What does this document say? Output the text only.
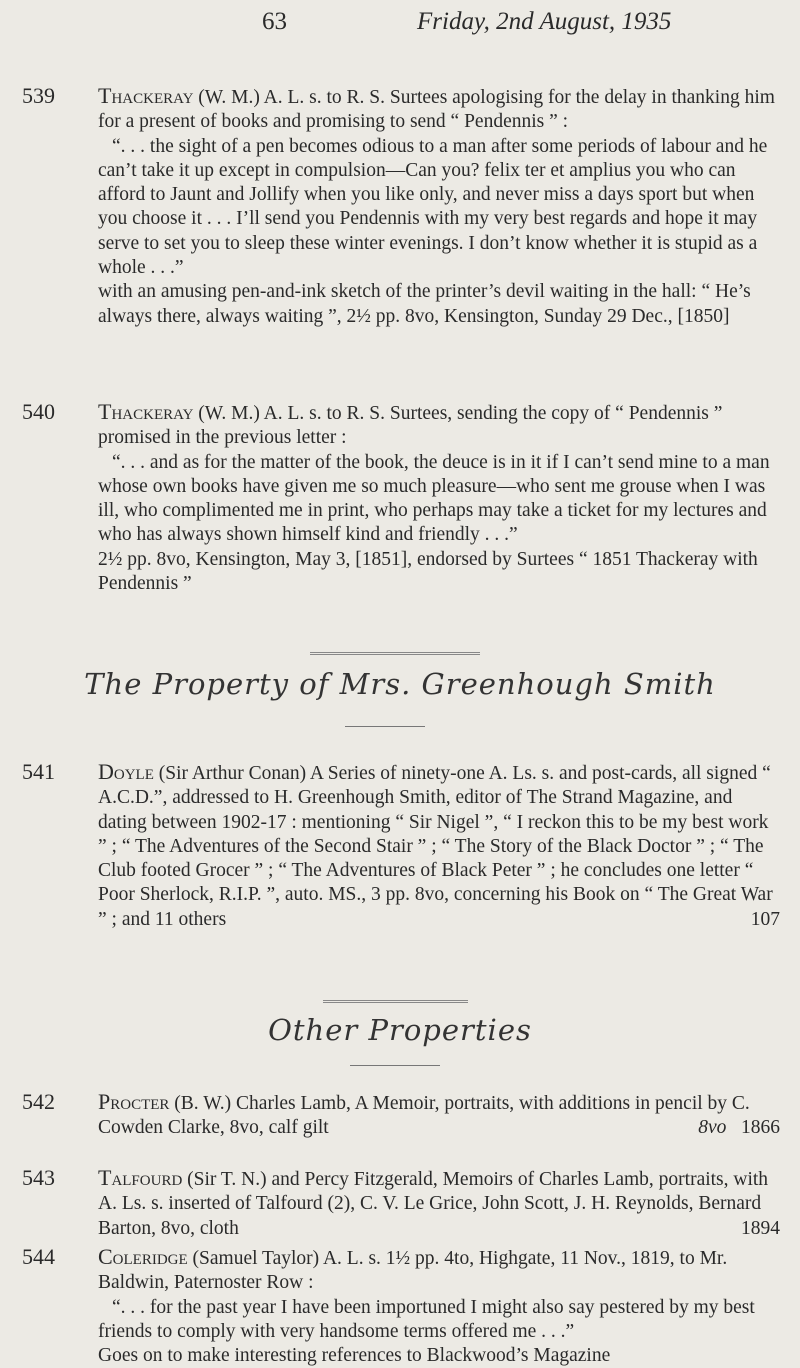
63	Friday, 2nd August, 1935
539 Thackeray (W. M.) A. L. s. to R. S. Surtees apologising for the delay in thanking him for a present of books and promising to send “ Pendennis ” :

“. . . the sight of a pen becomes odious to a man after some periods of labour and he can’t take it up except in compulsion—Can you? felix ter et amplius you who can afford to Jaunt and Jollify when you like only, and never miss a days sport but when you choose it . . . I’ll send you Pendennis with my very best regards and hope it may serve to set you to sleep these winter evenings. I don’t know whether it is stupid as a whole . . .”

with an amusing pen-and-ink sketch of the printer’s devil waiting in the hall: “ He’s always there, always waiting ”, 2½ pp. 8vo, Kensington, Sunday 29 Dec., [1850]

540 Thackeray (W. M.) A. L. s. to R. S. Surtees, sending the copy of “ Pendennis ” promised in the previous letter :

“. . . and as for the matter of the book, the deuce is in it if I can’t send mine to a man whose own books have given me so much pleasure—who sent me grouse when I was ill, who complimented me in print, who perhaps may take a ticket for my lectures and who has always shown himself kind and friendly . . .”

2½ pp. 8vo, Kensington, May 3, [1851], endorsed by Surtees “ 1851 Thackeray with Pendennis ”

The Property of Mrs. Greenhough Smith
541 Doyle (Sir Arthur Conan) A Series of ninety-one A. Ls. s. and post-cards, all signed “ A.C.D.”, addressed to H. Greenhough Smith, editor of The Strand Magazine, and dating between 1902-17 : mentioning “ Sir Nigel ”, “ I reckon this to be my best work ” ; “ The Adventures of the Second Stair ” ; “ The Story of the Black Doctor ” ; “ The Club footed Grocer ” ; “ The Adventures of Black Peter ” ; he concludes one letter “ Poor Sherlock, R.I.P. ”, auto. MS., 3 pp. 8vo, concerning his Book on “ The Great War ” ; and 11 others	107

Other Properties
542 Procter (B. W.) Charles Lamb, A Memoir, portraits, with additions in pencil by C. Cowden Clarke, 8vo, calf gilt	8vo 1866

543 Talfourd (Sir T. N.) and Percy Fitzgerald, Memoirs of Charles Lamb, portraits, with A. Ls. s. inserted of Talfourd (2), C. V. Le Grice, John Scott, J. H. Reynolds, Bernard Barton, 8vo, cloth	1894

544 Coleridge (Samuel Taylor) A. L. s. 1½ pp. 4to, Highgate, 11 Nov., 1819, to Mr. Baldwin, Paternoster Row :

“. . . for the past year I have been importuned I might also say pestered by my best friends to comply with very handsome terms offered me . . .”

Goes on to make interesting references to Blackwood’s Magazine
